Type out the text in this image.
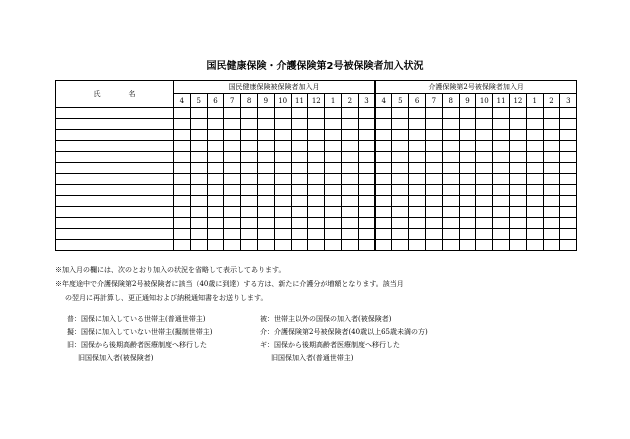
国民健康保険・介護保険第2号被保険者加入状況
氏 名	国民健康保険被保険者加入月												介護保険第2号被保険者加入月											
	4	5	6	7	8	9	10	11	12	1	2	3	4	5	6	7	8	9	10	11	12	1	2	3

※加入月の欄には、次のとおり加入の状況を省略して表示してあります。

※年度途中で介護保険第2号被保険者に該当（40歳に到達）する方は、新たに介護分が増額となります。該当月

の翌月に再計算し、更正通知および納税通知書をお送りします。

普：国保に加入している世帯主(普通世帯主)

擬：国保に加入していない世帯主(擬制世帯主)

旧：国保から後期高齢者医療制度へ移行した

旧国保加入者(被保険者)

被：世帯主以外の国保の加入者(被保険者)

介：介護保険第2号被保険者(40歳以上65歳未満の方)

ギ：国保から後期高齢者医療制度へ移行した

旧国保加入者(普通世帯主)
